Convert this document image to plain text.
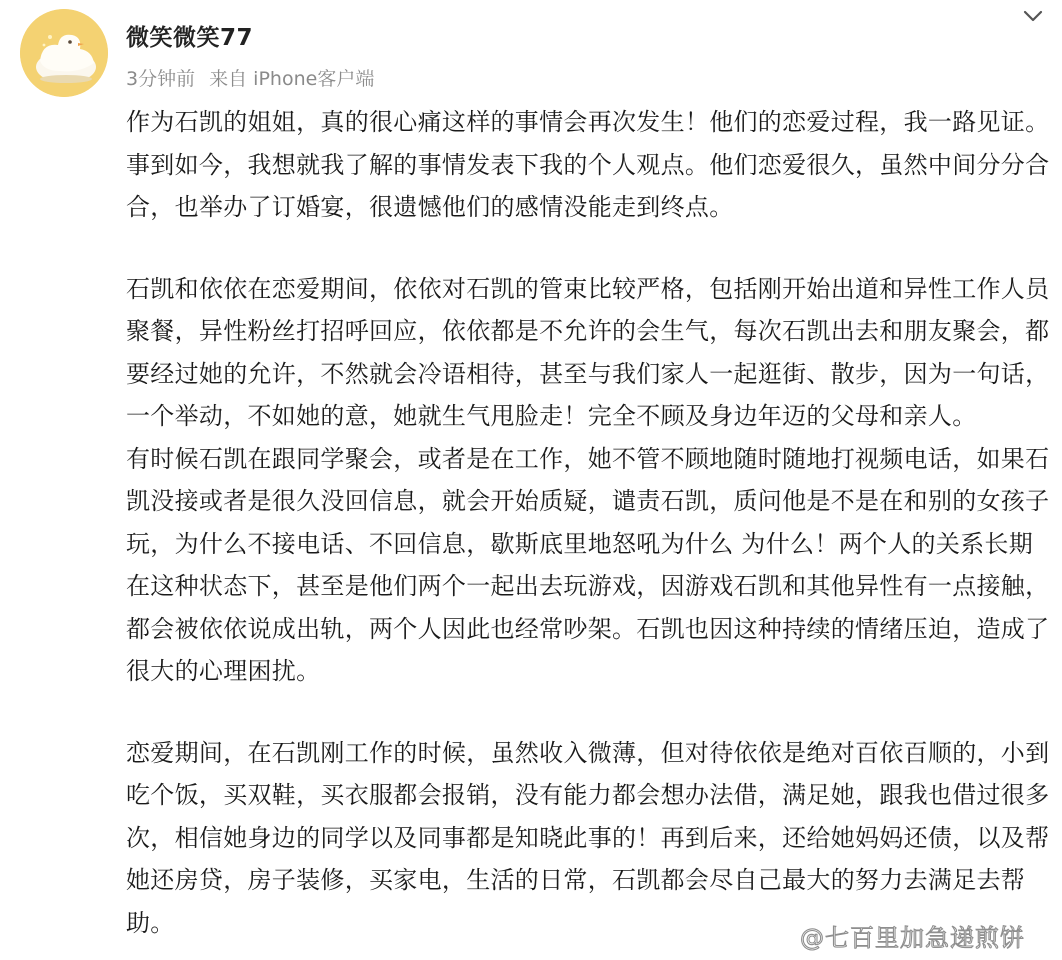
微笑微笑77
3分钟前 来自 iPhone客户端

作为石凯的姐姐，真的很心痛这样的事情会再次发生！他们的恋爱过程，我一路见证。事到如今，我想就我了解的事情发表下我的个人观点。他们恋爱很久，虽然中间分分合合，也举办了订婚宴，很遗憾他们的感情没能走到终点。

石凯和依依在恋爱期间，依依对石凯的管束比较严格，包括刚开始出道和异性工作人员聚餐，异性粉丝打招呼回应，依依都是不允许的会生气，每次石凯出去和朋友聚会，都要经过她的允许，不然就会冷语相待，甚至与我们家人一起逛街、散步，因为一句话，一个举动，不如她的意，她就生气甩脸走！完全不顾及身边年迈的父母和亲人。

有时候石凯在跟同学聚会，或者是在工作，她不管不顾地随时随地打视频电话，如果石凯没接或者是很久没回信息，就会开始质疑，谴责石凯，质问他是不是在和别的女孩子玩，为什么不接电话、不回信息，歇斯底里地怒吼为什么 为什么！两个人的关系长期在这种状态下，甚至是他们两个一起出去玩游戏，因游戏石凯和其他异性有一点接触，都会被依依说成出轨，两个人因此也经常吵架。石凯也因这种持续的情绪压迫，造成了很大的心理困扰。

恋爱期间，在石凯刚工作的时候，虽然收入微薄，但对待依依是绝对百依百顺的，小到吃个饭，买双鞋，买衣服都会报销，没有能力都会想办法借，满足她，跟我也借过很多次，相信她身边的同学以及同事都是知晓此事的！再到后来，还给她妈妈还债，以及帮她还房贷，房子装修，买家电，生活的日常，石凯都会尽自己最大的努力去满足去帮助。

@七百里加急递煎饼
